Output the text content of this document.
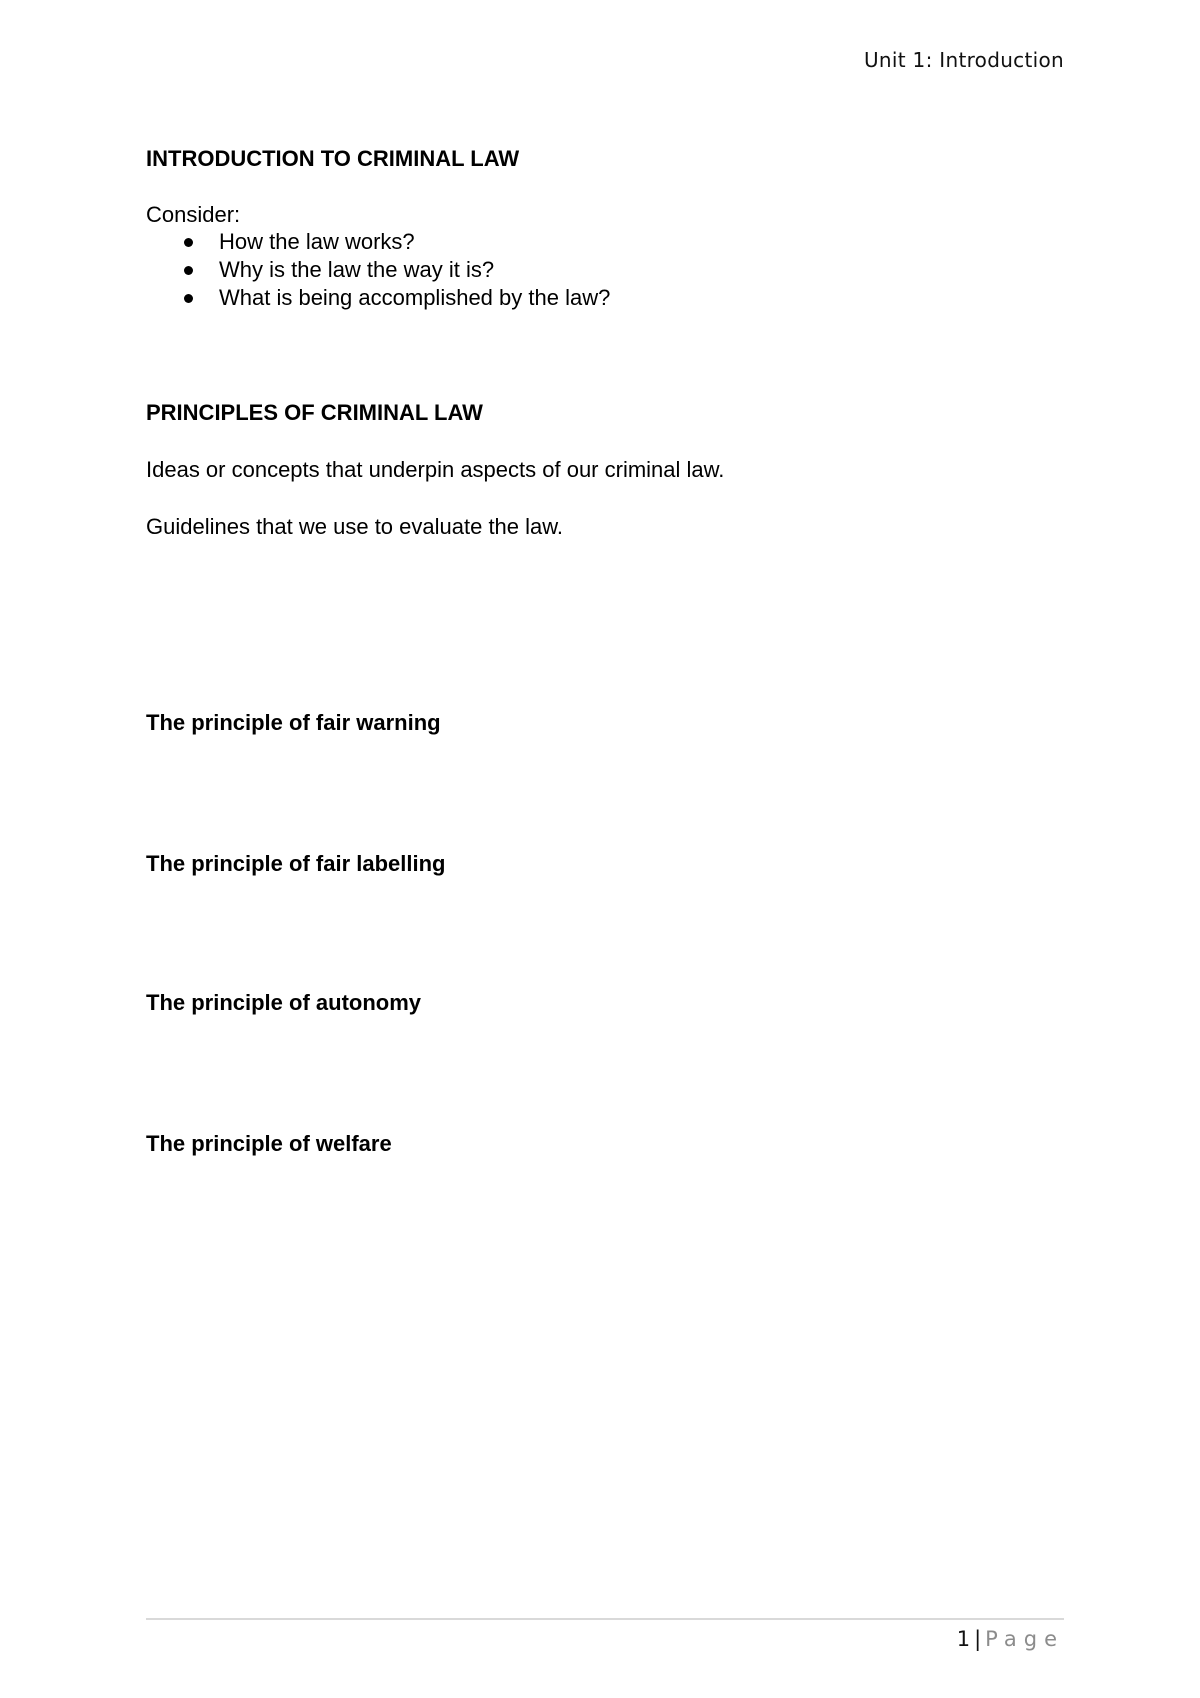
Unit 1: Introduction
INTRODUCTION TO CRIMINAL LAW
Consider:
How the law works?
Why is the law the way it is?
What is being accomplished by the law?
PRINCIPLES OF CRIMINAL LAW
Ideas or concepts that underpin aspects of our criminal law.
Guidelines that we use to evaluate the law.
The principle of fair warning
The principle of fair labelling
The principle of autonomy
The principle of welfare
1 | Page
